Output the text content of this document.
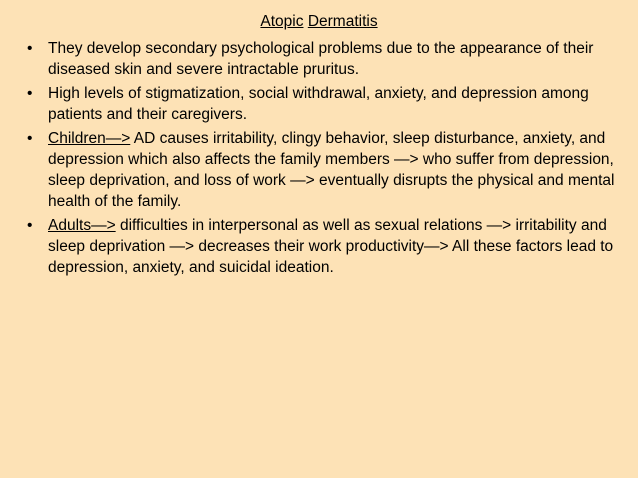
Atopic Dermatitis
• They develop secondary psychological problems due to the appearance of their diseased skin and severe intractable pruritus.
• High levels of stigmatization, social withdrawal, anxiety, and depression among patients and their caregivers.
• Children—> AD causes irritability, clingy behavior, sleep disturbance, anxiety, and depression which also affects the family members —> who suffer from depression, sleep deprivation, and loss of work —> eventually disrupts the physical and mental health of the family.
• Adults—> difficulties in interpersonal as well as sexual relations —> irritability and sleep deprivation —> decreases their work productivity—> All these factors lead to depression, anxiety, and suicidal ideation.
